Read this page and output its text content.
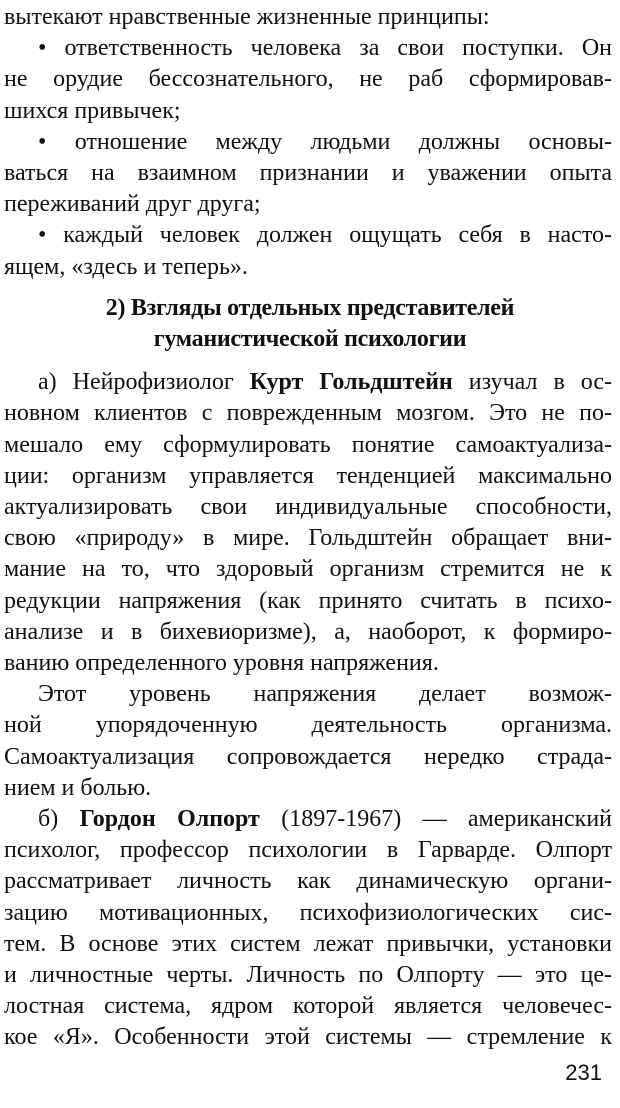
вытекают нравственные жизненные принципы:
• ответственность человека за свои поступки. Он
не орудие бессознательного, не раб сформировав-
шихся привычек;
• отношение между людьми должны основы-
ваться на взаимном признании и уважении опыта
переживаний друг друга;
• каждый человек должен ощущать себя в насто-
ящем, «здесь и теперь».
2) Взгляды отдельных представителей
гуманистической психологии
а) Нейрофизиолог Курт Гольдштейн изучал в ос-
новном клиентов с поврежденным мозгом. Это не по-
мешало ему сформулировать понятие самоактуализа-
ции: организм управляется тенденцией максимально
актуализировать свои индивидуальные способности,
свою «природу» в мире. Гольдштейн обращает вни-
мание на то, что здоровый организм стремится не к
редукции напряжения (как принято считать в психо-
анализе и в бихевиоризме), а, наоборот, к формиро-
ванию определенного уровня напряжения.
Этот уровень напряжения делает возмож-
ной упорядоченную деятельность организма.
Самоактуализация сопровождается нередко страда-
нием и болью.
б) Гордон Олпорт (1897-1967) — американский
психолог, профессор психологии в Гарварде. Олпорт
рассматривает личность как динамическую органи-
зацию мотивационных, психофизиологических сис-
тем. В основе этих систем лежат привычки, установки
и личностные черты. Личность по Олпорту — это це-
лостная система, ядром которой является человечес-
кое «Я». Особенности этой системы — стремление к
231
